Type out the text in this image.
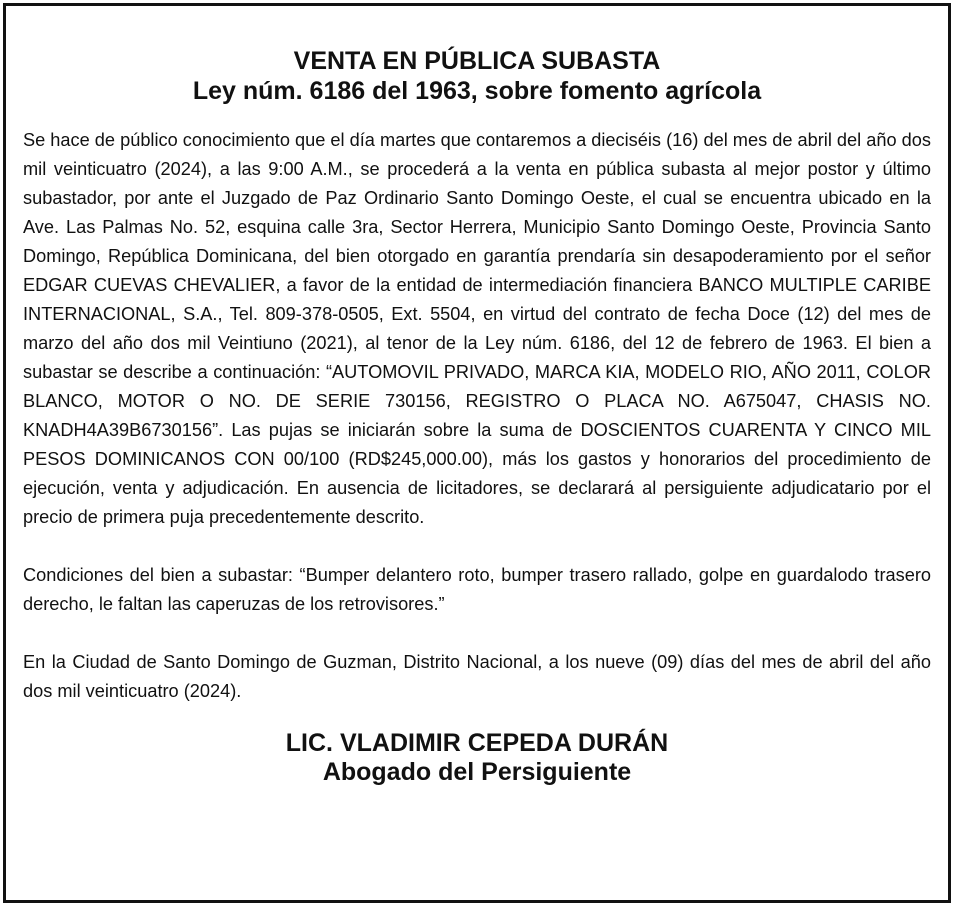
VENTA EN PÚBLICA SUBASTA
Ley núm. 6186 del 1963, sobre fomento agrícola

Se hace de público conocimiento que el día martes que contaremos a dieciséis (16) del mes de abril del año dos mil veinticuatro (2024), a las 9:00 A.M., se procederá a la venta en pública subasta al mejor postor y último subastador, por ante el Juzgado de Paz Ordinario Santo Domingo Oeste, el cual se encuentra ubicado en la Ave. Las Palmas No. 52, esquina calle 3ra, Sector Herrera, Municipio Santo Domingo Oeste, Provincia Santo Domingo, República Dominicana, del bien otorgado en garantía prendaría sin desapoderamiento por el señor EDGAR CUEVAS CHEVALIER, a favor de la entidad de intermediación financiera BANCO MULTIPLE CARIBE INTERNACIONAL, S.A., Tel. 809-378-0505, Ext. 5504, en virtud del contrato de fecha Doce (12) del mes de marzo del año dos mil Veintiuno (2021), al tenor de la Ley núm. 6186, del 12 de febrero de 1963. El bien a subastar se describe a continuación: “AUTOMOVIL PRIVADO, MARCA KIA, MODELO RIO, AÑO 2011, COLOR BLANCO, MOTOR O NO. DE SERIE 730156, REGISTRO O PLACA NO. A675047, CHASIS NO. KNADH4A39B6730156”. Las pujas se iniciarán sobre la suma de DOSCIENTOS CUARENTA Y CINCO MIL PESOS DOMINICANOS CON 00/100 (RD$245,000.00), más los gastos y honorarios del procedimiento de ejecución, venta y adjudicación. En ausencia de licitadores, se declarará al persiguiente adjudicatario por el precio de primera puja precedentemente descrito.

Condiciones del bien a subastar: “Bumper delantero roto, bumper trasero rallado, golpe en guardalodo trasero derecho, le faltan las caperuzas de los retrovisores.”

En la Ciudad de Santo Domingo de Guzman, Distrito Nacional, a los nueve (09) días del mes de abril del año dos mil veinticuatro (2024).

LIC. VLADIMIR CEPEDA DURÁN
Abogado del Persiguiente
